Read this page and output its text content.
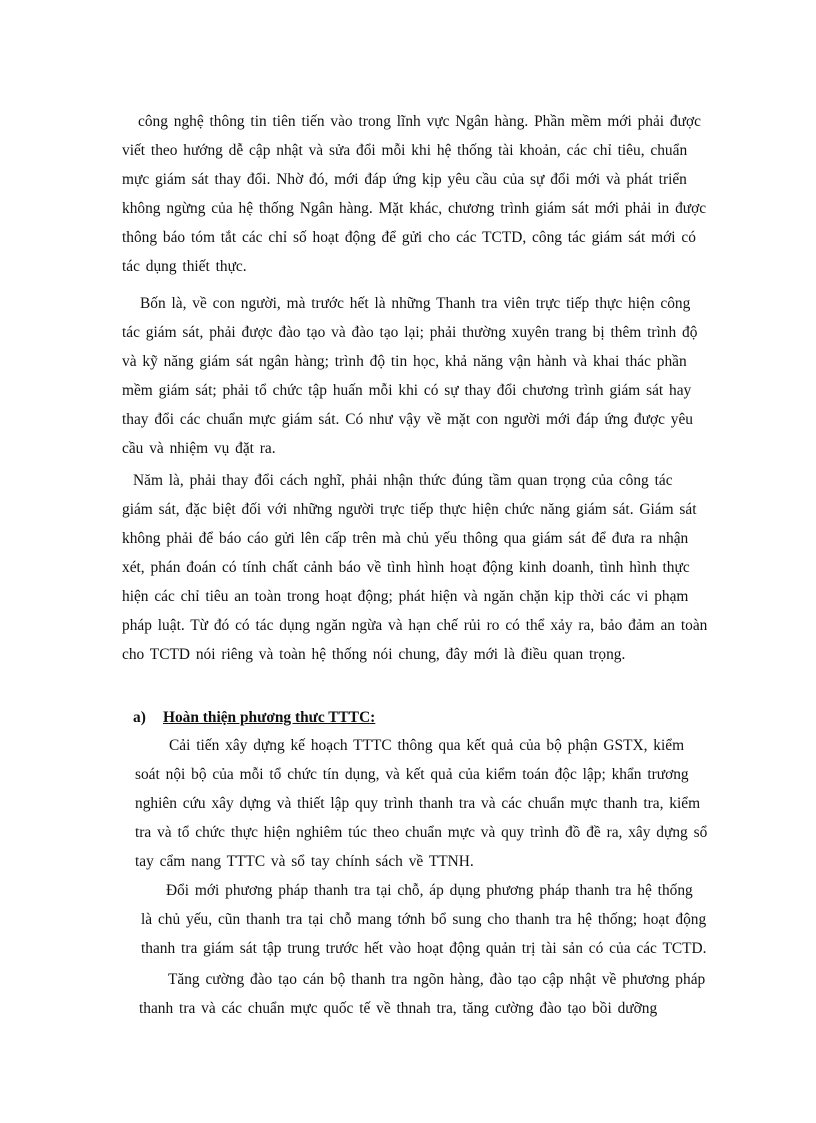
công nghệ thông tin tiên tiến vào trong lĩnh vực Ngân hàng. Phần mềm mới phải được
viết theo hướng dễ cập nhật và sửa đổi mỗi khi hệ thống tài khoản, các chỉ tiêu, chuẩn
mực giám sát thay đổi. Nhờ đó, mới đáp ứng kịp yêu cầu của sự đổi mới và phát triển
không ngừng của hệ thống Ngân hàng. Mặt khác, chương trình giám sát mới phải in được
thông báo tóm tắt các chỉ số hoạt động để gửi cho các TCTD, công tác giám sát mới có
tác dụng thiết thực.
Bốn là, về con người, mà trước hết là những Thanh tra viên trực tiếp thực hiện công
tác giám sát, phải được đào tạo và đào tạo lại; phải thường xuyên trang bị thêm trình độ
và kỹ năng giám sát ngân hàng; trình độ tin học, khả năng vận hành và khai thác phần
mềm giám sát; phải tổ chức tập huấn mỗi khi có sự thay đổi chương trình giám sát hay
thay đổi các chuẩn mực giám sát. Có như vậy về mặt con người mới đáp ứng được yêu
cầu và nhiệm vụ đặt ra.
Năm là, phải thay đổi cách nghĩ, phải nhận thức đúng tầm quan trọng của công tác
giám sát, đặc biệt đối với những người trực tiếp thực hiện chức năng giám sát. Giám sát
không phải để báo cáo gửi lên cấp trên mà chủ yếu thông qua giám sát để đưa ra nhận
xét, phán đoán có tính chất cảnh báo về tình hình hoạt động kinh doanh, tình hình thực
hiện các chỉ tiêu an toàn trong hoạt động; phát hiện và ngăn chặn kịp thời các vi phạm
pháp luật. Từ đó có tác dụng ngăn ngừa và hạn chế rủi ro có thể xảy ra, bảo đảm an toàn
cho TCTD nói riêng và toàn hệ thống nói chung, đây mới là điều quan trọng.
a) Hoàn thiện phương thưc TTTC:
Cải tiến xây dựng kế hoạch TTTC thông qua kết quả của bộ phận GSTX, kiểm
soát nội bộ của mỗi tổ chức tín dụng, và kết quả của kiểm toán độc lập; khẩn trương
nghiên cứu xây dựng và thiết lập quy trình thanh tra và các chuẩn mực thanh tra, kiểm
tra và tổ chức thực hiện nghiêm túc theo chuẩn mực và quy trình đồ đề ra, xây dựng sổ
tay cẩm nang TTTC và sổ tay chính sách về TTNH.
Đổi mới phương pháp thanh tra tại chỗ, áp dụng phương pháp thanh tra hệ thống
là chủ yếu, cũn thanh tra tại chỗ mang tớnh bổ sung cho thanh tra hệ thống; hoạt động
thanh tra giám sát tập trung trước hết vào hoạt động quản trị tài sản có của các TCTD.
Tăng cường đào tạo cán bộ thanh tra ngõn hàng, đào tạo cập nhật về phương pháp
thanh tra và các chuẩn mực quốc tế về thnah tra, tăng cường đào tạo bồi dưỡng
